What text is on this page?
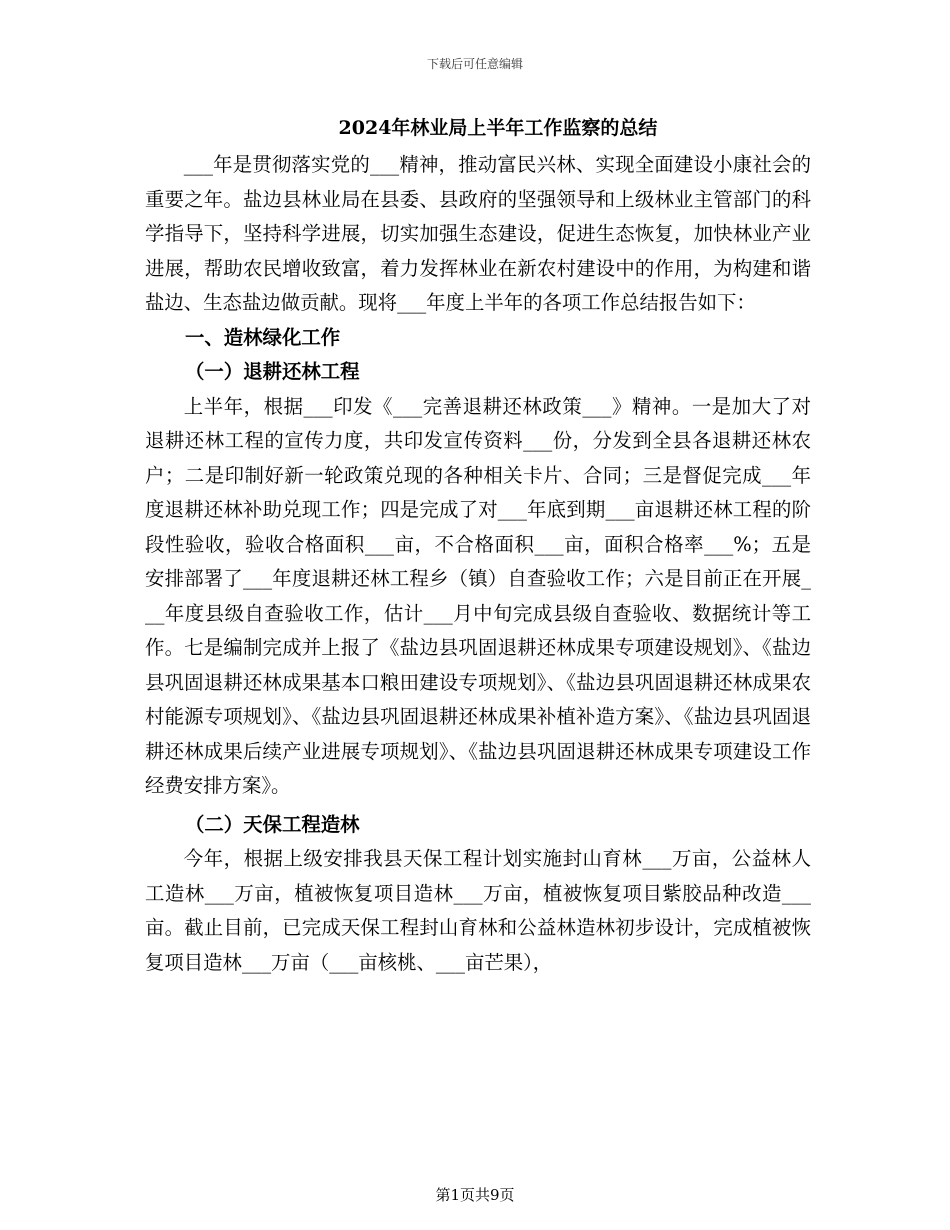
下载后可任意编辑
2024年林业局上半年工作监察的总结

___年是贯彻落实党的___精神，推动富民兴林、实现全面建设小康社会的重要之年。盐边县林业局在县委、县政府的坚强领导和上级林业主管部门的科学指导下，坚持科学进展，切实加强生态建设，促进生态恢复，加快林业产业进展，帮助农民增收致富，着力发挥林业在新农村建设中的作用，为构建和谐盐边、生态盐边做贡献。现将___年度上半年的各项工作总结报告如下：

一、造林绿化工作
（一）退耕还林工程

上半年，根据___印发《___完善退耕还林政策___》精神。一是加大了对退耕还林工程的宣传力度，共印发宣传资料___份，分发到全县各退耕还林农户；二是印制好新一轮政策兑现的各种相关卡片、合同；三是督促完成___年度退耕还林补助兑现工作；四是完成了对___年底到期___亩退耕还林工程的阶段性验收，验收合格面积___亩，不合格面积___亩，面积合格率___%；五是安排部署了___年度退耕还林工程乡（镇）自查验收工作；六是目前正在开展___年度县级自查验收工作，估计___月中旬完成县级自查验收、数据统计等工作。七是编制完成并上报了《盐边县巩固退耕还林成果专项建设规划》、《盐边县巩固退耕还林成果基本口粮田建设专项规划》、《盐边县巩固退耕还林成果农村能源专项规划》、《盐边县巩固退耕还林成果补植补造方案》、《盐边县巩固退耕还林成果后续产业进展专项规划》、《盐边县巩固退耕还林成果专项建设工作经费安排方案》。

（二）天保工程造林

今年，根据上级安排我县天保工程计划实施封山育林___万亩，公益林人工造林___万亩，植被恢复项目造林___万亩，植被恢复项目紫胶品种改造___亩。截止目前，已完成天保工程封山育林和公益林造林初步设计，完成植被恢复项目造林___万亩（___亩核桃、___亩芒果），

第1页共9页
